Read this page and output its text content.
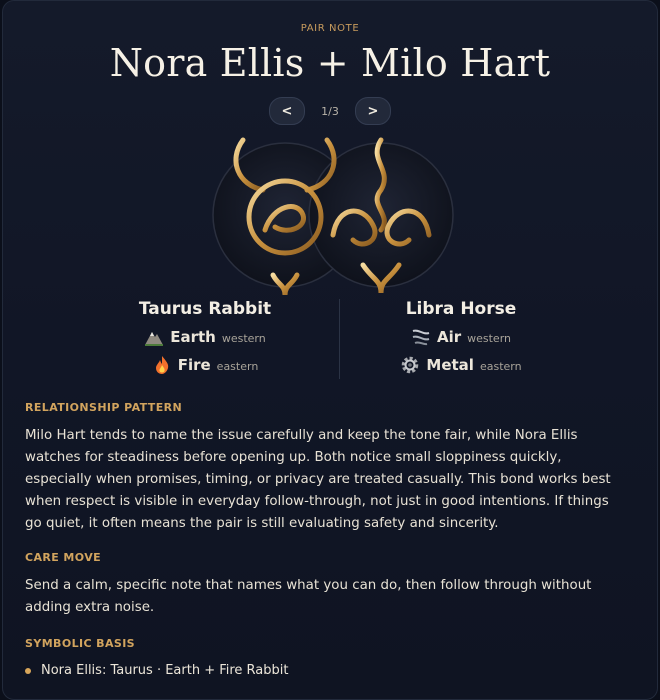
PAIR NOTE
Nora Ellis + Milo Hart
<	1/3	>
Taurus Rabbit
Earth western
Fire eastern
Libra Horse
Air western
Metal eastern
RELATIONSHIP PATTERN
Milo Hart tends to name the issue carefully and keep the tone fair, while Nora Ellis watches for steadiness before opening up. Both notice small sloppiness quickly, especially when promises, timing, or privacy are treated casually. This bond works best when respect is visible in everyday follow-through, not just in good intentions. If things go quiet, it often means the pair is still evaluating safety and sincerity.
CARE MOVE
Send a calm, specific note that names what you can do, then follow through without adding extra noise.
SYMBOLIC BASIS
Nora Ellis: Taurus · Earth + Fire Rabbit
